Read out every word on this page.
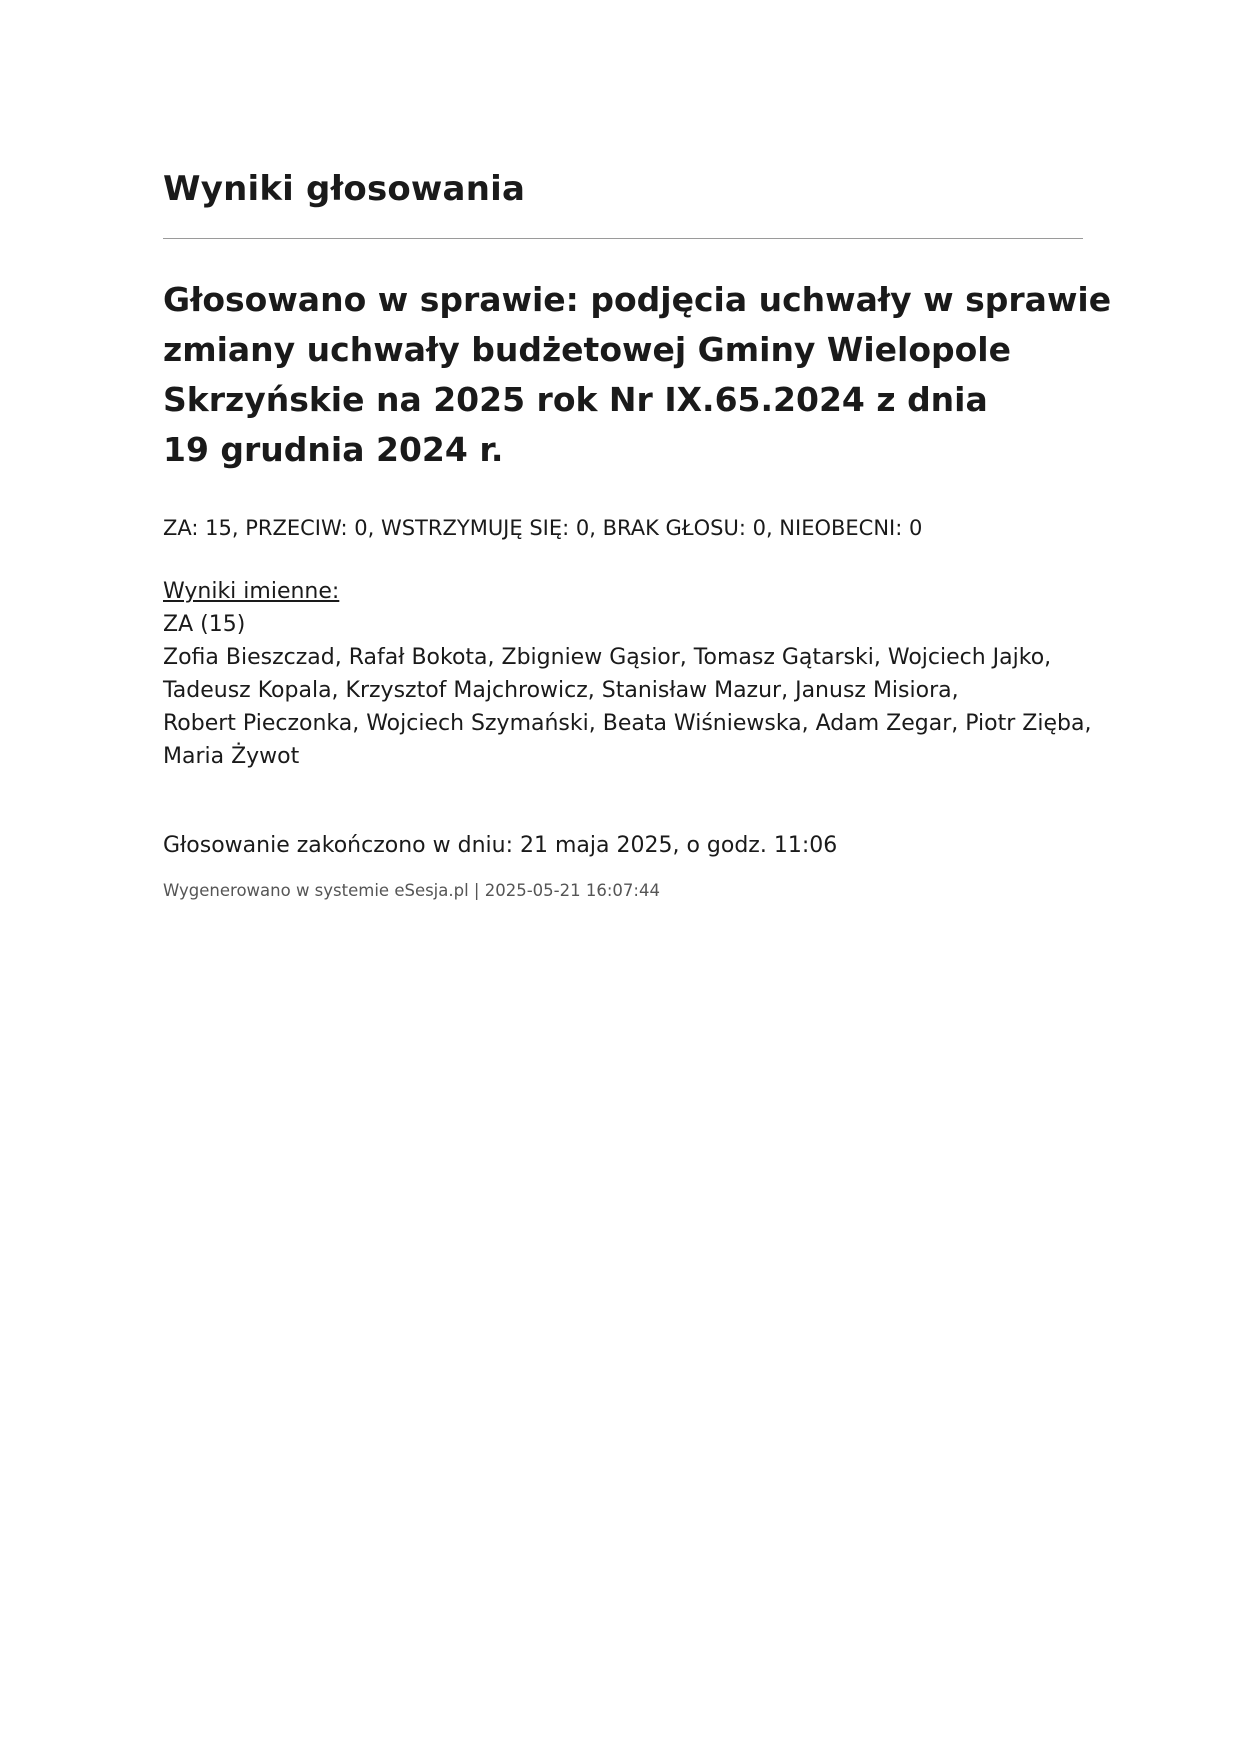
Wyniki głosowania
Głosowano w sprawie: podjęcia uchwały w sprawie
zmiany uchwały budżetowej Gminy Wielopole
Skrzyńskie na 2025 rok Nr IX.65.2024 z dnia
19 grudnia 2024 r.
ZA: 15, PRZECIW: 0, WSTRZYMUJĘ SIĘ: 0, BRAK GŁOSU: 0, NIEOBECNI: 0
Wyniki imienne:
ZA (15)
Zofia Bieszczad, Rafał Bokota, Zbigniew Gąsior, Tomasz Gątarski, Wojciech Jajko,
Tadeusz Kopala, Krzysztof Majchrowicz, Stanisław Mazur, Janusz Misiora,
Robert Pieczonka, Wojciech Szymański, Beata Wiśniewska, Adam Zegar, Piotr Zięba,
Maria Żywot
Głosowanie zakończono w dniu: 21 maja 2025, o godz. 11:06
Wygenerowano w systemie eSesja.pl | 2025-05-21 16:07:44
